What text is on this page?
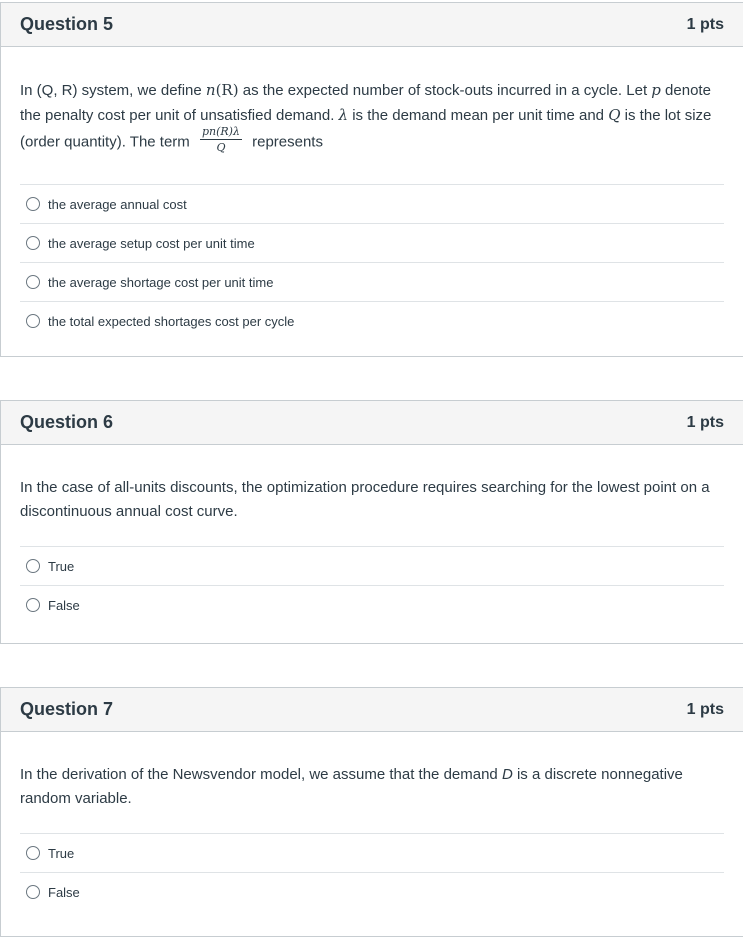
Question 5	1 pts
In (Q, R) system, we define n(R) as the expected number of stock-outs incurred in a cycle. Let p denote the penalty cost per unit of unsatisfied demand. λ is the demand mean per unit time and Q is the lot size (order quantity). The term $\frac{pn(R)\lambda}{Q}$ represents
the average annual cost
the average setup cost per unit time
the average shortage cost per unit time
the total expected shortages cost per cycle
Question 6	1 pts
In the case of all-units discounts, the optimization procedure requires searching for the lowest point on a discontinuous annual cost curve.
True
False
Question 7	1 pts
In the derivation of the Newsvendor model, we assume that the demand D is a discrete nonnegative random variable.
True
False
